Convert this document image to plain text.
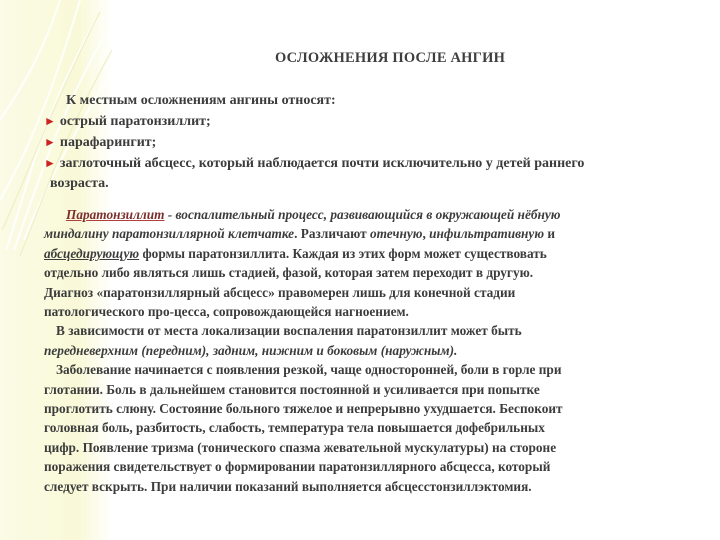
ОСЛОЖНЕНИЯ ПОСЛЕ АНГИН
К местным осложнениям ангины относят:
► острый паратонзиллит;
► парафарингит;
► заглоточный абсцесс, который наблюдается почти исключительно у детей раннего
возраста.
Паратонзиллит - воспалительный процесс, развивающийся в окружающей нёбную
миндалину паратонзиллярной клетчатке. Различают отечную, инфильтративную и
абсцедирующую формы паратонзиллита. Каждая из этих форм может существовать
отдельно либо являться лишь стадией, фазой, которая затем переходит в другую.
Диагноз «паратонзиллярный абсцесс» правомерен лишь для конечной стадии
патологического про-цесса, сопровождающейся нагноением.
В зависимости от места локализации воспаления паратонзиллит может быть
передневерхним (передним), задним, нижним и боковым (наружным).
Заболевание начинается с появления резкой, чаще односторонней, боли в горле при
глотании. Боль в дальнейшем становится постоянной и усиливается при попытке
проглотить слюну. Состояние больного тяжелое и непрерывно ухудшается. Беспокоит
головная боль, разбитость, слабость, температура тела повышается дофебрильных
цифр. Появление тризма (тонического спазма жевательной мускулатуры) на стороне
поражения свидетельствует о формировании паратонзиллярного абсцесса, который
следует вскрыть. При наличии показаний выполняется абсцесстонзиллэктомия.
